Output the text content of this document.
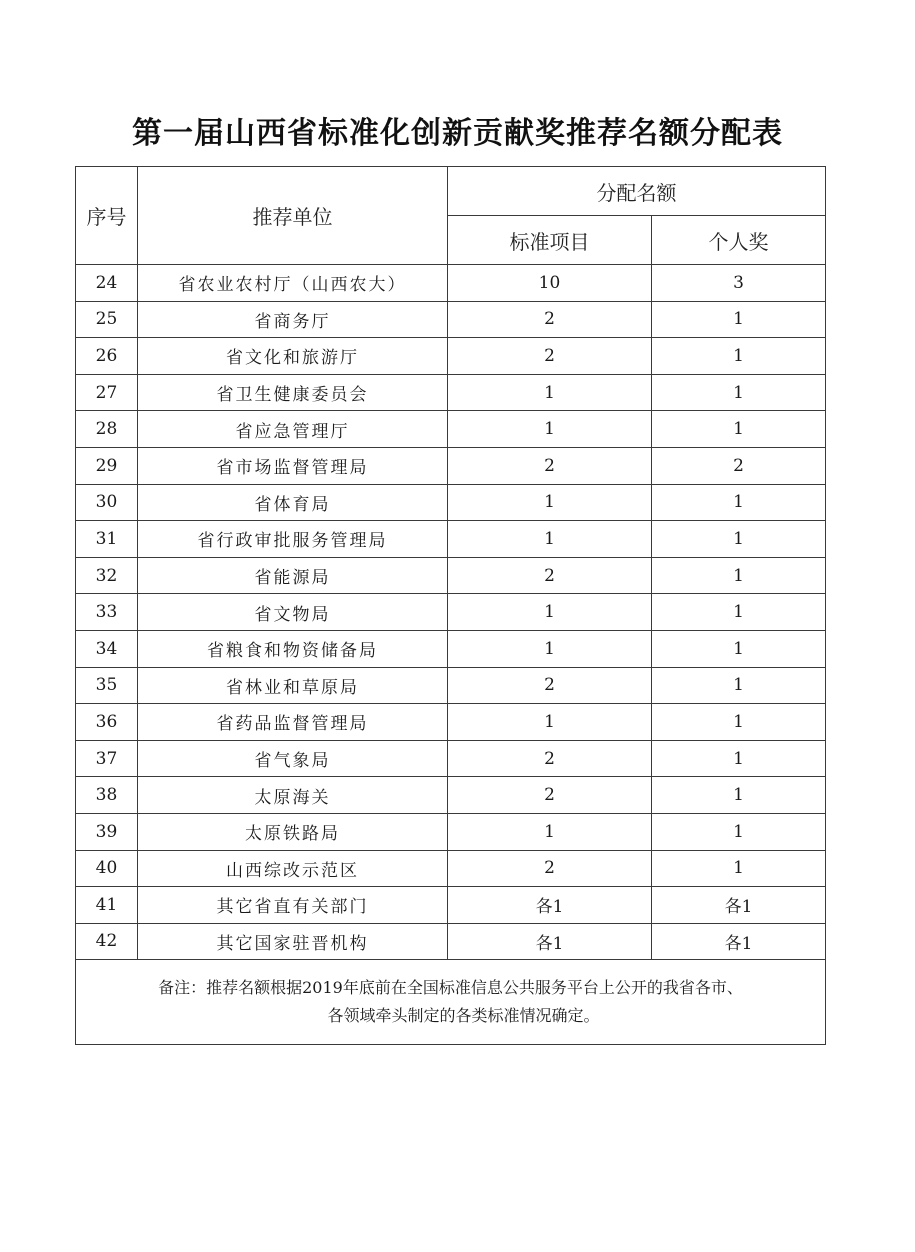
第一届山西省标准化创新贡献奖推荐名额分配表
序号	推荐单位	分配名额	
		标准项目	个人奖
24	省农业农村厅（山西农大）	10	3
25	省商务厅	2	1
26	省文化和旅游厅	2	1
27	省卫生健康委员会	1	1
28	省应急管理厅	1	1
29	省市场监督管理局	2	2
30	省体育局	1	1
31	省行政审批服务管理局	1	1
32	省能源局	2	1
33	省文物局	1	1
34	省粮食和物资储备局	1	1
35	省林业和草原局	2	1
36	省药品监督管理局	1	1
37	省气象局	2	1
38	太原海关	2	1
39	太原铁路局	1	1
40	山西综改示范区	2	1
41	其它省直有关部门	各1	各1
42	其它国家驻晋机构	各1	各1
备注：推荐名额根据2019年底前在全国标准信息公共服务平台上公开的我省各市、
各领域牵头制定的各类标准情况确定。			
